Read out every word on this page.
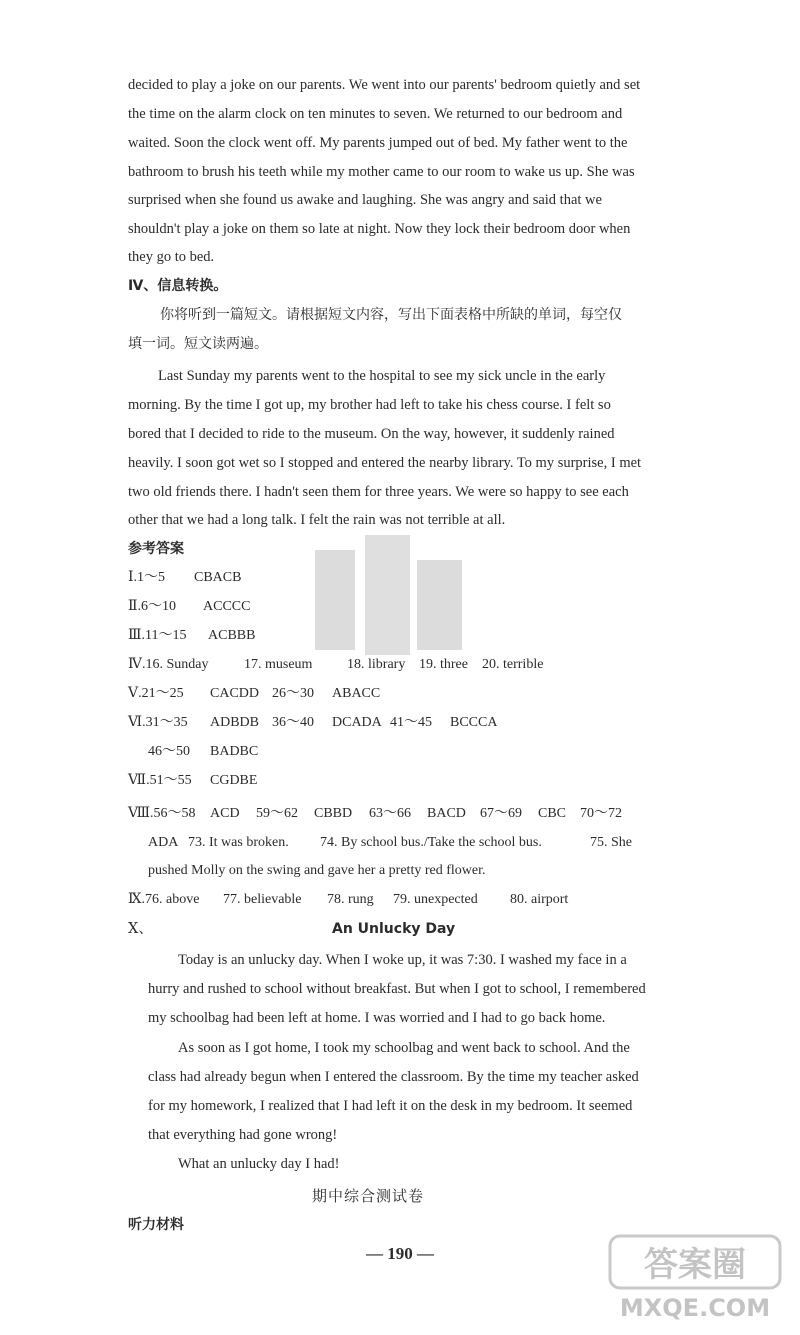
decided to play a joke on our parents. We went into our parents' bedroom quietly and set
the time on the alarm clock on ten minutes to seven. We returned to our bedroom and
waited. Soon the clock went off. My parents jumped out of bed. My father went to the
bathroom to brush his teeth while my mother came to our room to wake us up. She was
surprised when she found us awake and laughing. She was angry and said that we
shouldn't play a joke on them so late at night. Now they lock their bedroom door when
they go to bed.
Ⅳ、信息转换。
你将听到一篇短文。请根据短文内容，写出下面表格中所缺的单词，每空仅
填一词。短文读两遍。
Last Sunday my parents went to the hospital to see my sick uncle in the early
morning. By the time I got up, my brother had left to take his chess course. I felt so
bored that I decided to ride to the museum. On the way, however, it suddenly rained
heavily. I soon got wet so I stopped and entered the nearby library. To my surprise, I met
two old friends there. I hadn't seen them for three years. We were so happy to see each
other that we had a long talk. I felt the rain was not terrible at all.
参考答案
Ⅰ.1～5 CBACB
Ⅱ.6～10 ACCCC
Ⅲ.11～15 ACBBB
Ⅳ.16. Sunday	17. museum 18. library 19. three 20. terrible
Ⅴ.21～25 CACDD 26～30 ABACC
Ⅵ.31～35 ADBDB 36～40 DCADA 41～45 BCCCA
46～50 BADBC
Ⅶ.51～55 CGDBE
Ⅷ.56～58 ACD 59～62 CBBD 63～66 BACD 67～69 CBC 70～72
ADA 73. It was broken. 74. By school bus./Take the school bus.	75. She
pushed Molly on the swing and gave her a pretty red flower.
Ⅸ.76. above 77. believable 78. rung 79. unexpected 80. airport
Ⅹ、	An Unlucky Day
Today is an unlucky day. When I woke up, it was 7:30. I washed my face in a
hurry and rushed to school without breakfast. But when I got to school, I remembered
my schoolbag had been left at home. I was worried and I had to go back home.
As soon as I got home, I took my schoolbag and went back to school. And the
class had already begun when I entered the classroom. By the time my teacher asked
for my homework, I realized that I had left it on the desk in my bedroom. It seemed
that everything had gone wrong!
What an unlucky day I had!
期中综合测试卷
听力材料
— 190 —	答案圈
MXQE.COM
